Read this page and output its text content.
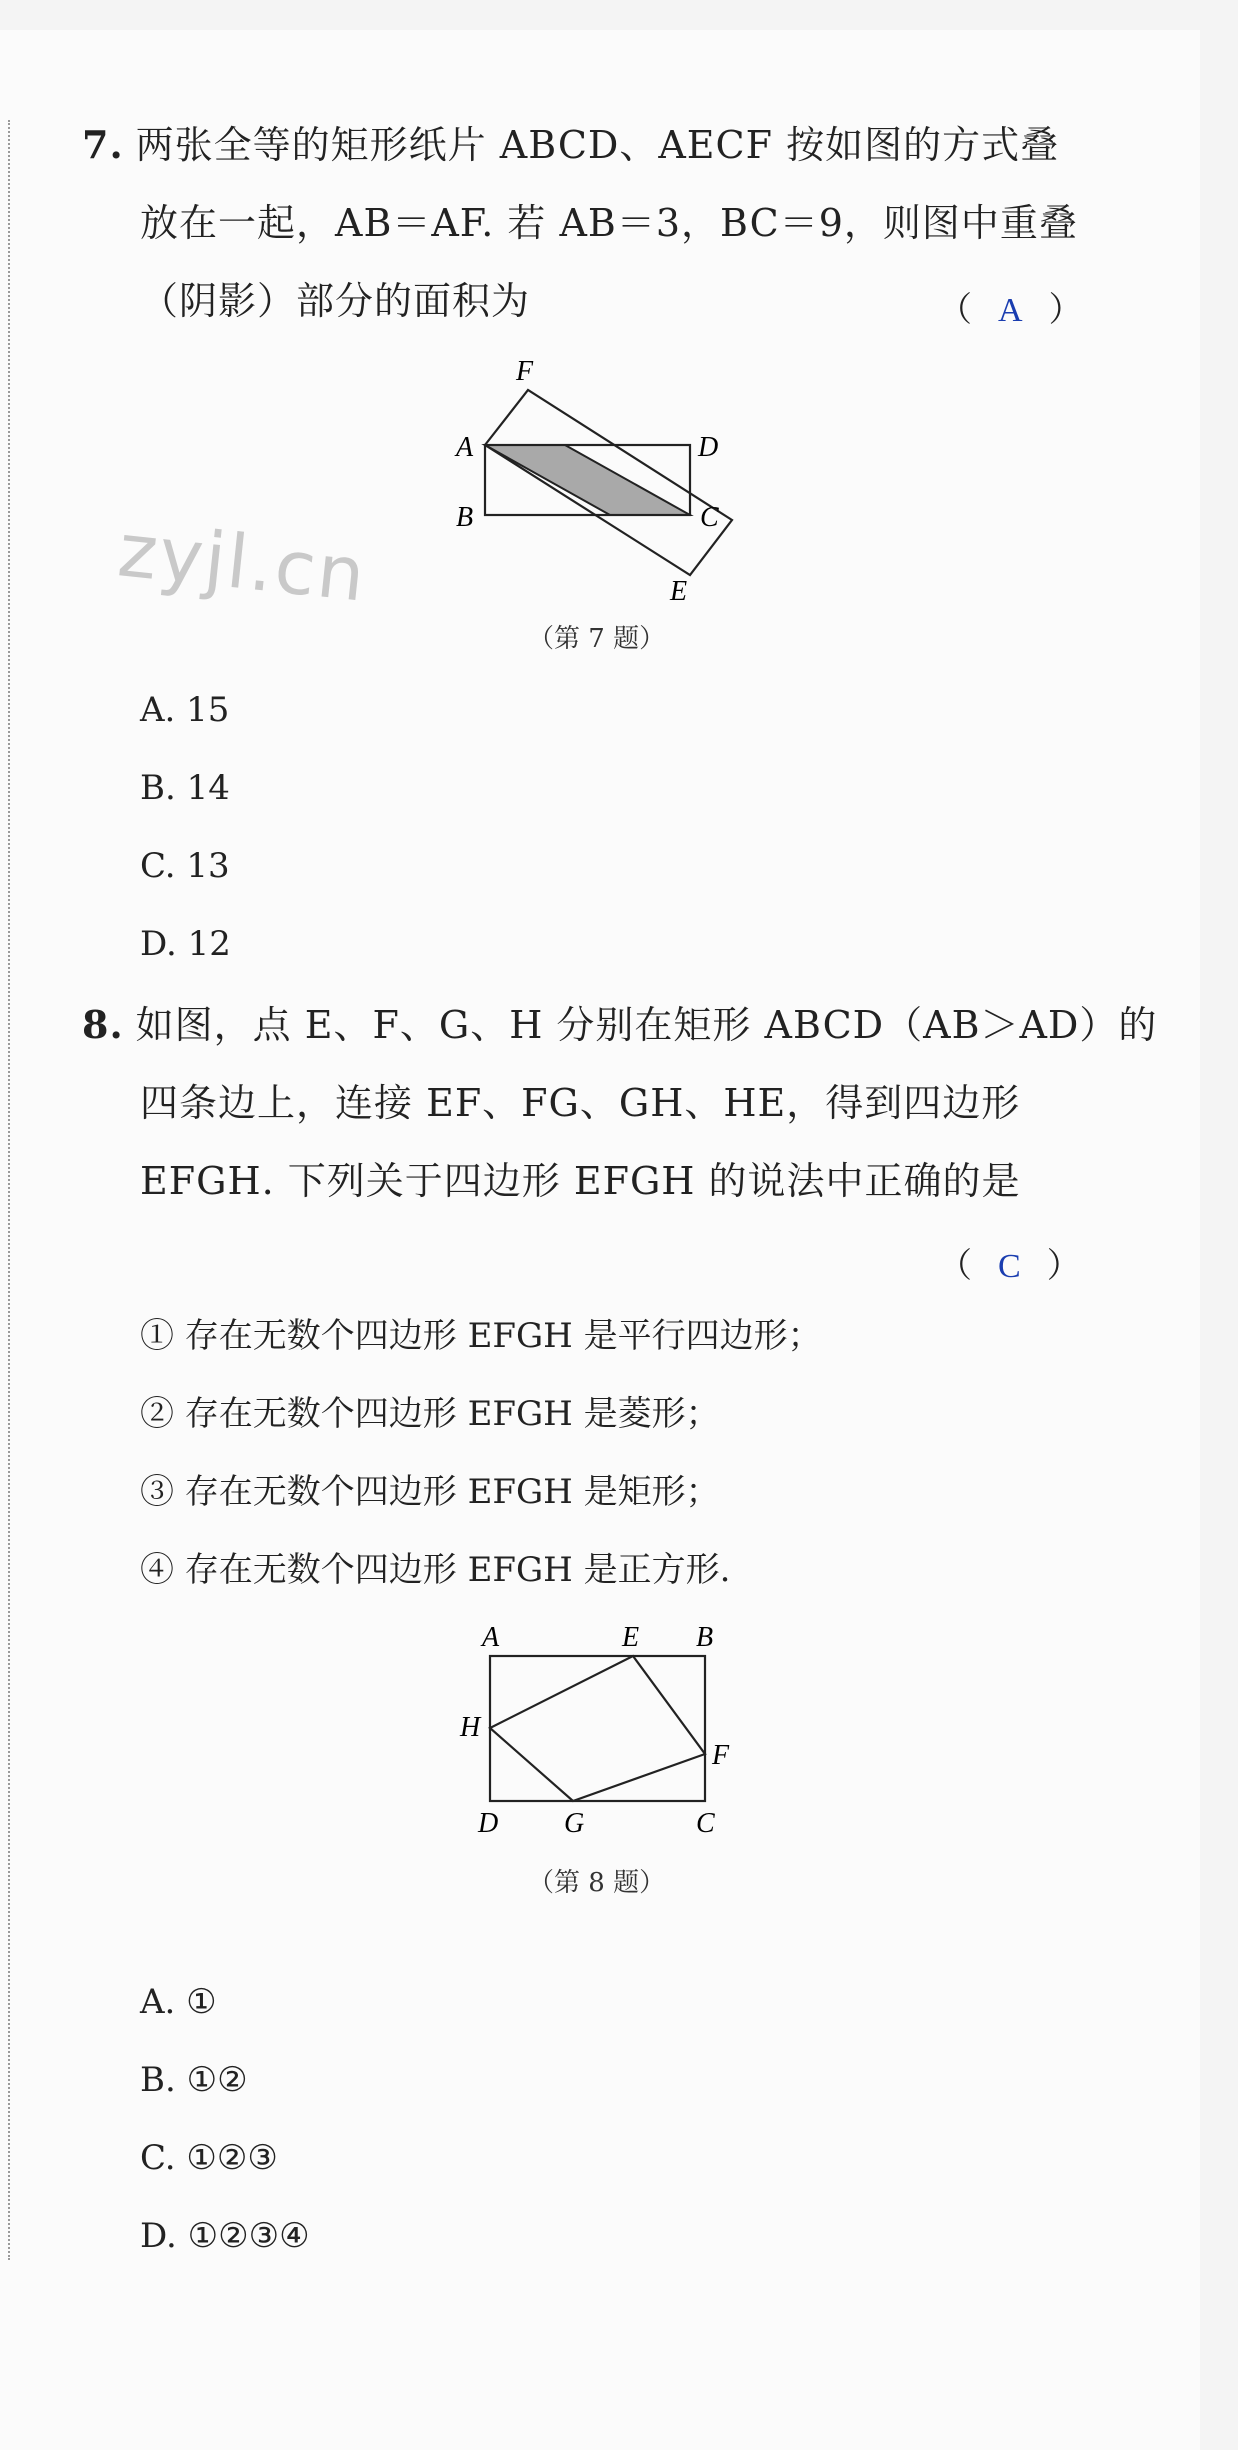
zyjl.cn
7. 两张全等的矩形纸片 ABCD、AECF 按如图的方式叠
放在一起，AB＝AF. 若 AB＝3，BC＝9，则图中重叠
（阴影）部分的面积为	（ A ）
F
A	D
B	C
E
（第 7 题）
A. 15
B. 14
C. 13
D. 12
8. 如图，点 E、F、G、H 分别在矩形 ABCD（AB＞AD）的
四条边上，连接 EF、FG、GH、HE，得到四边形
EFGH. 下列关于四边形 EFGH 的说法中正确的是
（ C ）
① 存在无数个四边形 EFGH 是平行四边形；
② 存在无数个四边形 EFGH 是菱形；
③ 存在无数个四边形 EFGH 是矩形；
④ 存在无数个四边形 EFGH 是正方形.
A	E B
H
F
D G	C
（第 8 题）
A. ①
B. ①②
C. ①②③
D. ①②③④
